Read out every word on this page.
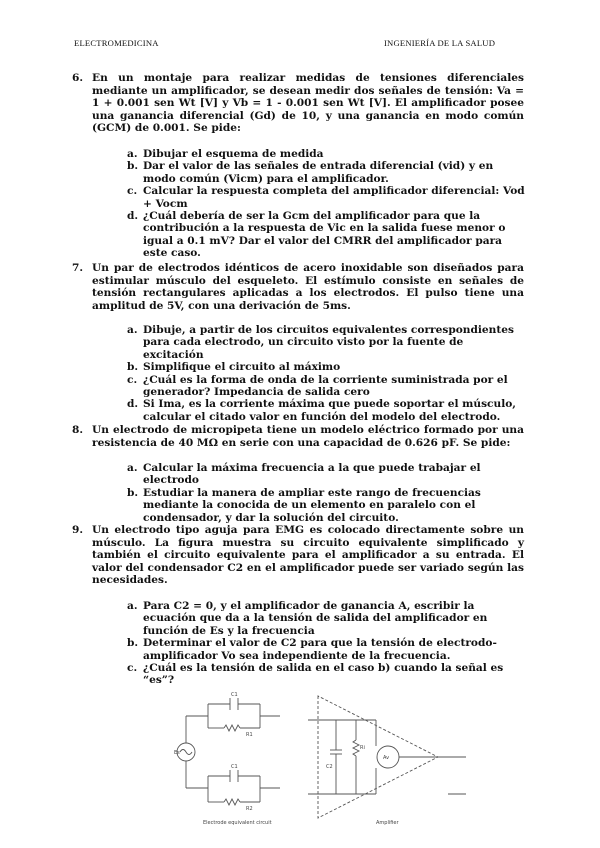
ELECTROMEDICINA	INGENIERÍA DE LA SALUD
6. En un montaje para realizar medidas de tensiones diferenciales mediante un amplificador, se desean medir dos señales de tensión: Va = 1 + 0.001 sen Wt [V] y Vb = 1 - 0.001 sen Wt [V]. El amplificador posee una ganancia diferencial (Gd) de 10, y una ganancia en modo común (GCM) de 0.001. Se pide:

a. Dibujar el esquema de medida

b. Dar el valor de las señales de entrada diferencial (vid) y en modo común (Vicm) para el amplificador.

c. Calcular la respuesta completa del amplificador diferencial: Vod + Vocm

d. ¿Cuál debería de ser la Gcm del amplificador para que la contribución a la respuesta de Vic en la salida fuese menor o igual a 0.1 mV? Dar el valor del CMRR del amplificador para este caso.

7. Un par de electrodos idénticos de acero inoxidable son diseñados para estimular músculo del esqueleto. El estímulo consiste en señales de tensión rectangulares aplicadas a los electrodos. El pulso tiene una amplitud de 5V, con una derivación de 5ms.

a. Dibuje, a partir de los circuitos equivalentes correspondientes para cada electrodo, un circuito visto por la fuente de excitación

b. Simplifique el circuito al máximo

c. ¿Cuál es la forma de onda de la corriente suministrada por el generador? Impedancia de salida cero

d. Si Ima, es la corriente máxima que puede soportar el músculo, calcular el citado valor en función del modelo del electrodo.

8. Un electrodo de micropipeta tiene un modelo eléctrico formado por una resistencia de 40 MΩ en serie con una capacidad de 0.626 pF. Se pide:

a. Calcular la máxima frecuencia a la que puede trabajar el electrodo

b. Estudiar la manera de ampliar este rango de frecuencias mediante la conocida de un elemento en paralelo con el condensador, y dar la solución del circuito.

9. Un electrodo tipo aguja para EMG es colocado directamente sobre un músculo. La figura muestra su circuito equivalente simplificado y también el circuito equivalente para el amplificador a su entrada. El valor del condensador C2 en el amplificador puede ser variado según las necesidades.

a. Para C2 = 0, y el amplificador de ganancia A, escribir la ecuación que da a la tensión de salida del amplificador en función de Es y la frecuencia

b. Determinar el valor de C2 para que la tensión de electrodo-amplificador Vo sea independiente de la frecuencia.

c. ¿Cuál es la tensión de salida en el caso b) cuando la señal es “es”?

Es
C1
R1
C1
R2
C2
Ri
Av
Electrode equivalent circuit	Amplifier
